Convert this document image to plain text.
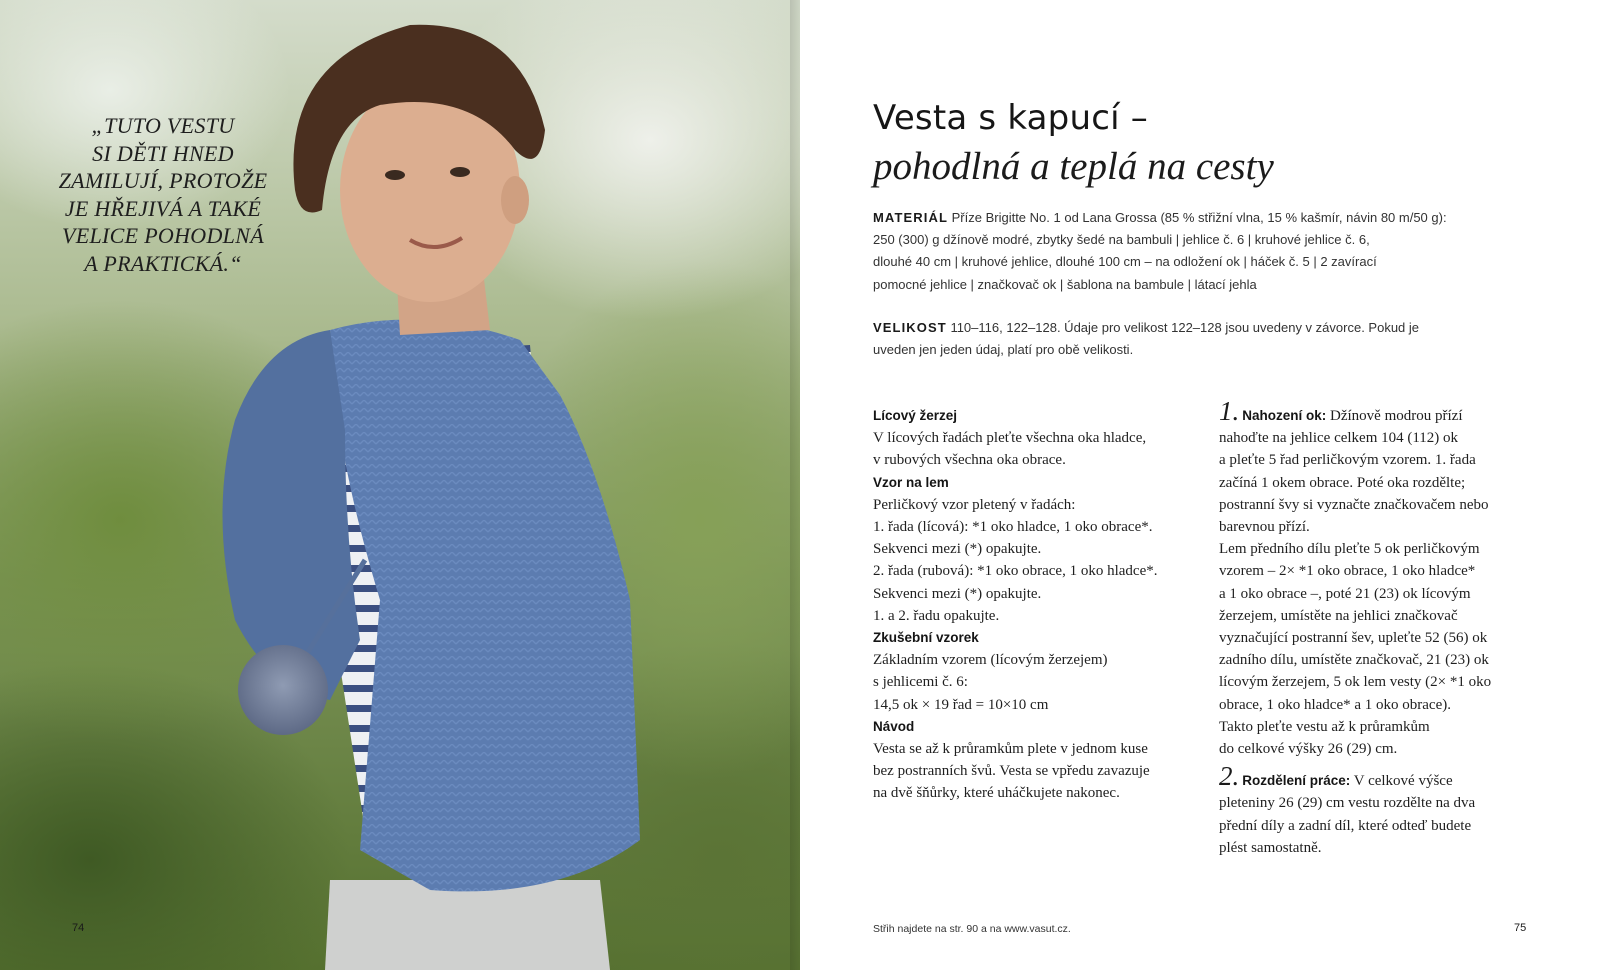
„TUTO VESTU
SI DĚTI HNED
ZAMILUJÍ, PROTOŽE
JE HŘEJIVÁ A TAKÉ
VELICE POHODLNÁ
A PRAKTICKÁ.“
74
Vesta s kapucí –
pohodlná a teplá na cesty
MATERIÁL Příze Brigitte No. 1 od Lana Grossa (85 % střižní vlna, 15 % kašmír, návin 80 m/50 g):
250 (300) g džínově modré, zbytky šedé na bambuli | jehlice č. 6 | kruhové jehlice č. 6,
dlouhé 40 cm | kruhové jehlice, dlouhé 100 cm – na odložení ok | háček č. 5 | 2 zavírací
pomocné jehlice | značkovač ok | šablona na bambule | látací jehla
VELIKOST 110–116, 122–128. Údaje pro velikost 122–128 jsou uvedeny v závorce. Pokud je
uveden jen jeden údaj, platí pro obě velikosti.
Lícový žerzej
V lícových řadách pleťte všechna oka hladce,
v rubových všechna oka obrace.
Vzor na lem
Perličkový vzor pletený v řadách:
1. řada (lícová): *1 oko hladce, 1 oko obrace*.
Sekvenci mezi (*) opakujte.
2. řada (rubová): *1 oko obrace, 1 oko hladce*.
Sekvenci mezi (*) opakujte.
1. a 2. řadu opakujte.
Zkušební vzorek
Základním vzorem (lícovým žerzejem)
s jehlicemi č. 6:
14,5 ok × 19 řad = 10×10 cm
Návod
Vesta se až k průramkům plete v jednom kuse
bez postranních švů. Vesta se vpředu zavazuje
na dvě šňůrky, které uháčkujete nakonec.
1. Nahození ok: Džínově modrou přízí
nahoďte na jehlice celkem 104 (112) ok
a pleťte 5 řad perličkovým vzorem. 1. řada
začíná 1 okem obrace. Poté oka rozdělte;
postranní švy si vyznačte značkovačem nebo
barevnou přízí.
Lem předního dílu pleťte 5 ok perličkovým
vzorem – 2× *1 oko obrace, 1 oko hladce*
a 1 oko obrace –, poté 21 (23) ok lícovým
žerzejem, umístěte na jehlici značkovač
vyznačující postranní šev, upleťte 52 (56) ok
zadního dílu, umístěte značkovač, 21 (23) ok
lícovým žerzejem, 5 ok lem vesty (2× *1 oko
obrace, 1 oko hladce* a 1 oko obrace).
Takto pleťte vestu až k průramkům
do celkové výšky 26 (29) cm.
2. Rozdělení práce: V celkové výšce
pleteniny 26 (29) cm vestu rozdělte na dva
přední díly a zadní díl, které odteď budete
plést samostatně.
Střih najdete na str. 90 a na www.vasut.cz.	75
